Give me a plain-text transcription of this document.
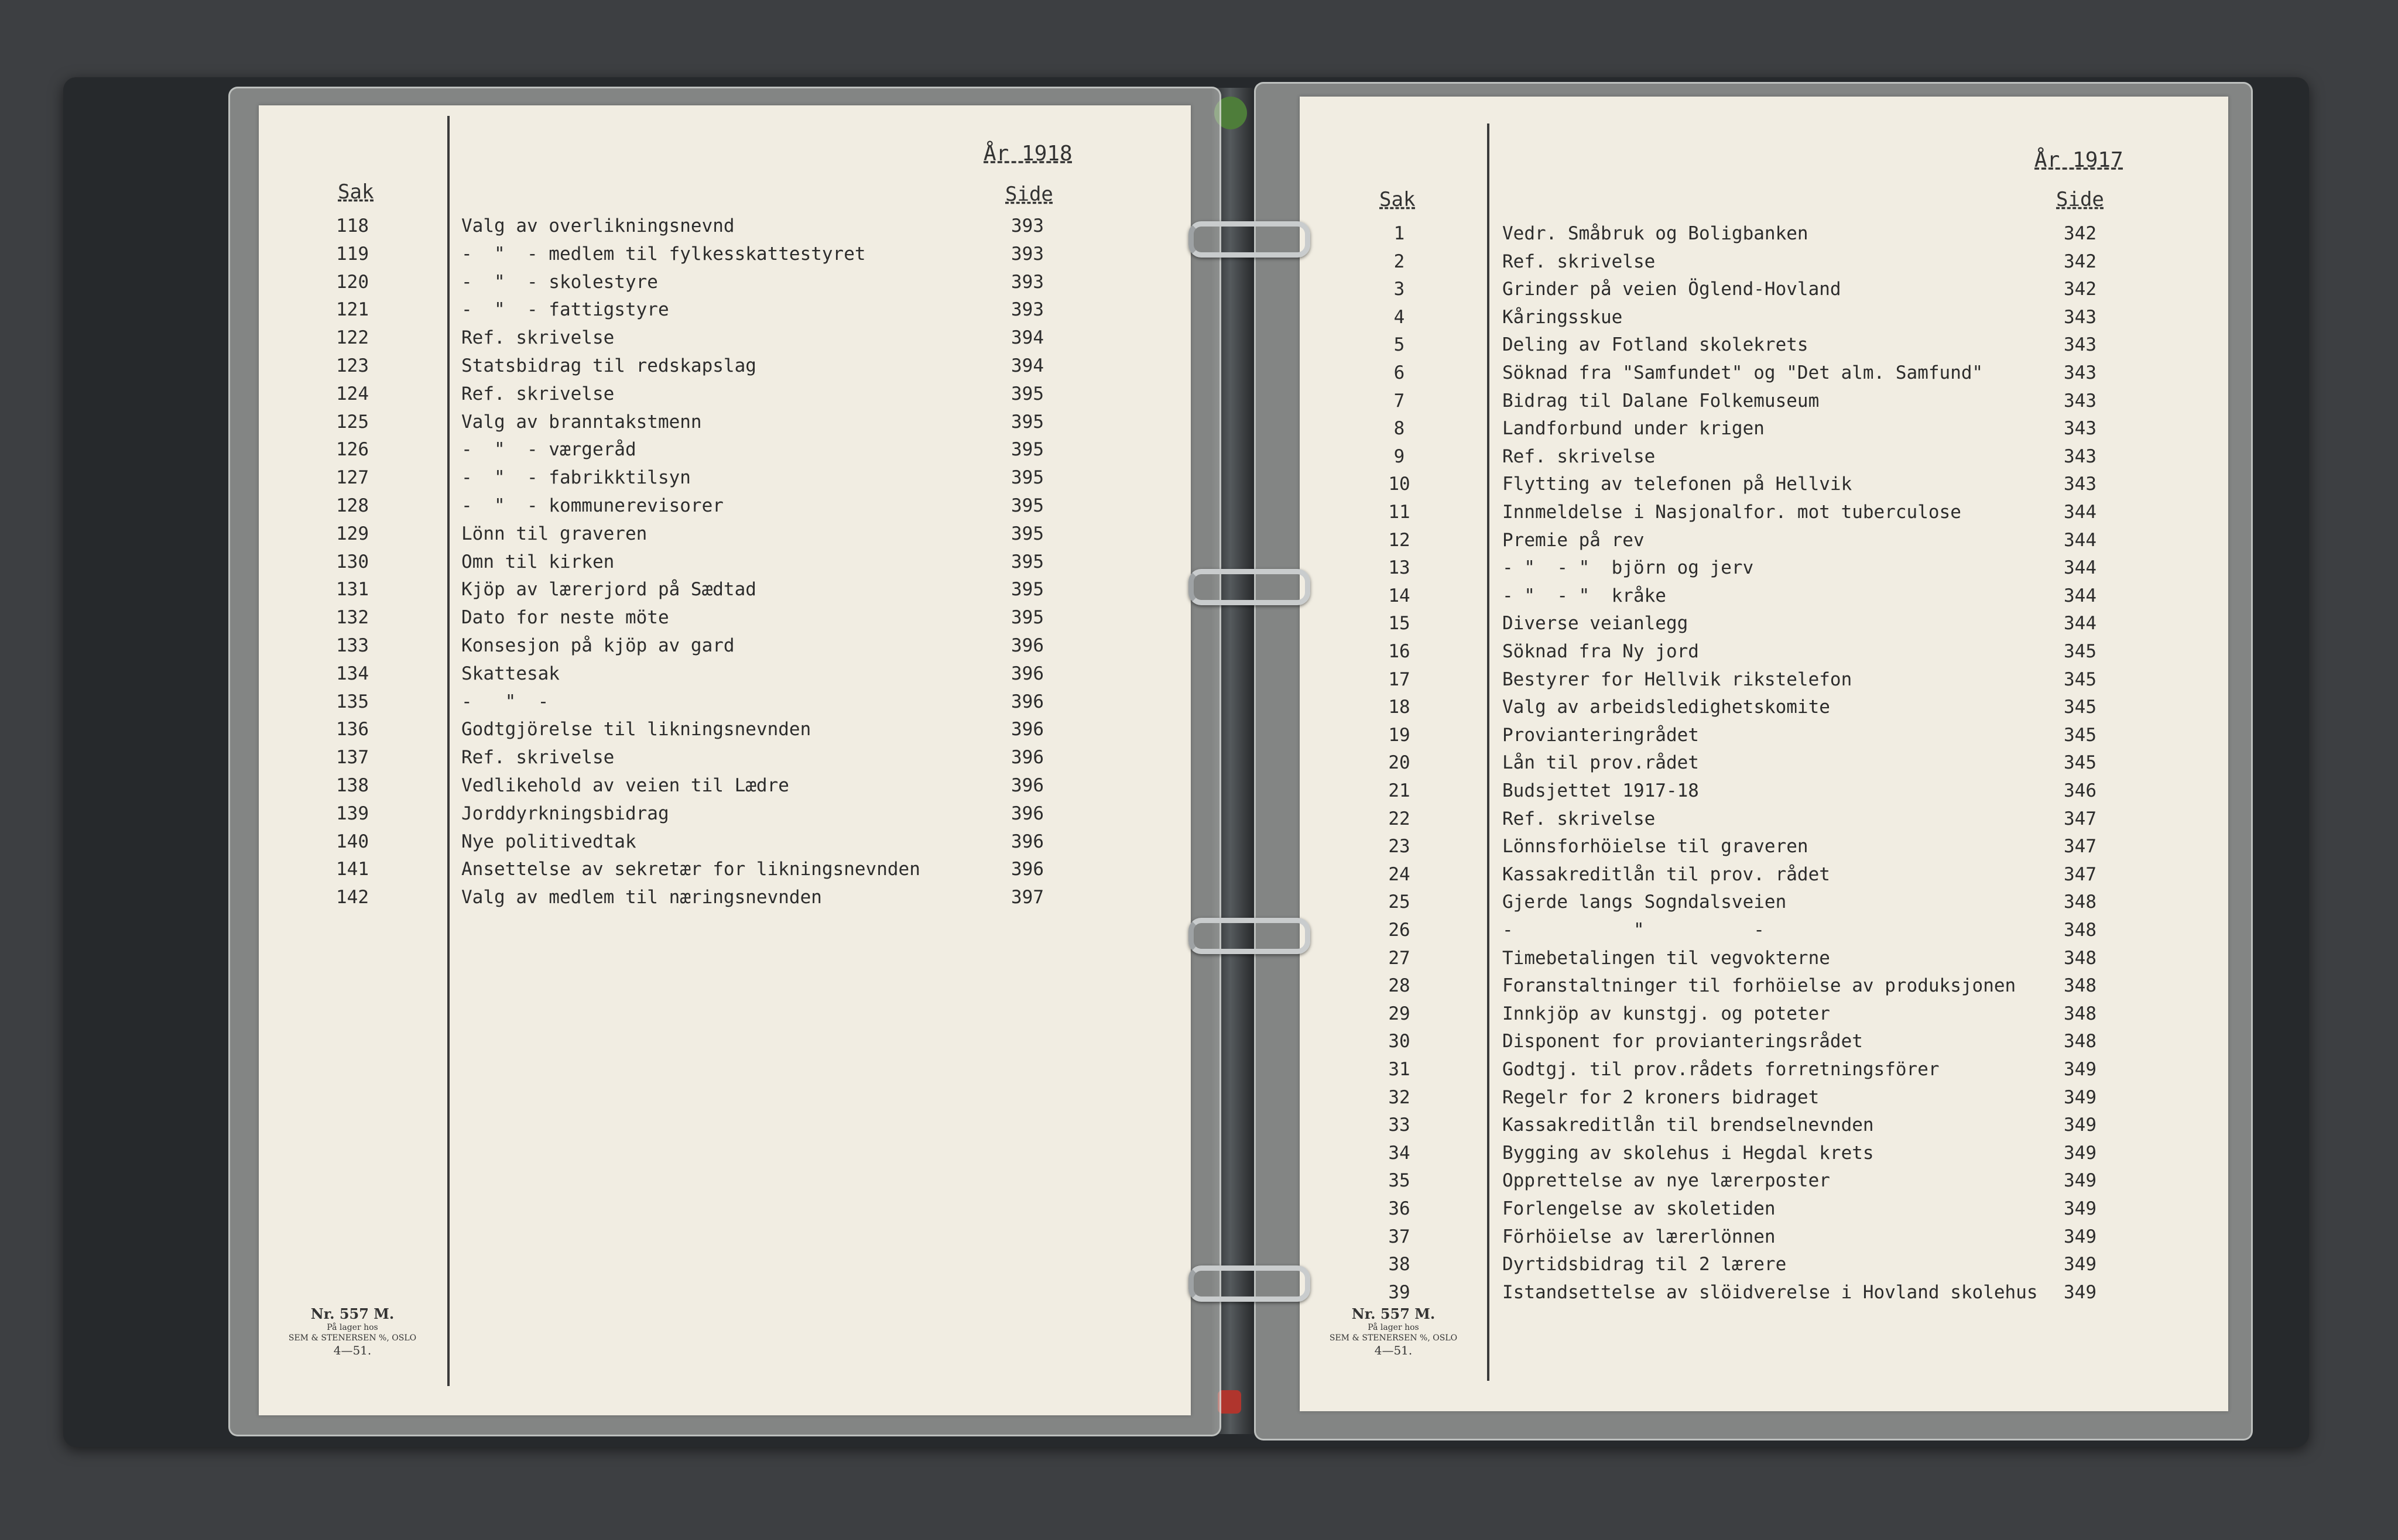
År 1918
Sak	Side
118	Valg av overlikningsnevnd	393
119	-  "  - medlem til fylkesskattestyret	393
120	-  "  - skolestyre	393
121	-  "  - fattigstyre	393
122	Ref. skrivelse	394
123	Statsbidrag til redskapslag	394
124	Ref. skrivelse	395
125	Valg av branntakstmenn	395
126	-  "  - værgeråd	395
127	-  "  - fabrikktilsyn	395
128	-  "  - kommunerevisorer	395
129	Lönn til graveren	395
130	Omn til kirken	395
131	Kjöp av lærerjord på Sædtad	395
132	Dato for neste möte	395
133	Konsesjon på kjöp av gard	396
134	Skattesak	396
135	-   "  -	396
136	Godtgjörelse til likningsnevnden	396
137	Ref. skrivelse	396
138	Vedlikehold av veien til Lædre	396
139	Jorddyrkningsbidrag	396
140	Nye politivedtak	396
141	Ansettelse av sekretær for likningsnevnden	396
142	Valg av medlem til næringsnevnden	397
Nr. 557 M.
På lager hos
SEM & STENERSEN %, OSLO
4—51.
År 1917
Sak	Side
1	Vedr. Småbruk og Boligbanken	342
2	Ref. skrivelse	342
3	Grinder på veien Öglend-Hovland	342
4	Kåringsskue	343
5	Deling av Fotland skolekrets	343
6	Söknad fra "Samfundet" og "Det alm. Samfund"	343
7	Bidrag til Dalane Folkemuseum	343
8	Landforbund under krigen	343
9	Ref. skrivelse	343
10	Flytting av telefonen på Hellvik	343
11	Innmeldelse i Nasjonalfor. mot tuberculose	344
12	Premie på rev	344
13	- "  - "  björn og jerv	344
14	- "  - "  kråke	344
15	Diverse veianlegg	344
16	Söknad fra Ny jord	345
17	Bestyrer for Hellvik rikstelefon	345
18	Valg av arbeidsledighetskomite	345
19	Provianteringrådet	345
20	Lån til prov.rådet	345
21	Budsjettet 1917-18	346
22	Ref. skrivelse	347
23	Lönnsforhöielse til graveren	347
24	Kassakreditlån til prov. rådet	347
25	Gjerde langs Sogndalsveien	348
26	-           "          -	348
27	Timebetalingen til vegvokterne	348
28	Foranstaltninger til forhöielse av produksjonen	348
29	Innkjöp av kunstgj. og poteter	348
30	Disponent for provianteringsrådet	348
31	Godtgj. til prov.rådets forretningsförer	349
32	Regelr for 2 kroners bidraget	349
33	Kassakreditlån til brendselnevnden	349
34	Bygging av skolehus i Hegdal krets	349
35	Opprettelse av nye lærerposter	349
36	Forlengelse av skoletiden	349
37	Förhöielse av lærerlönnen	349
38	Dyrtidsbidrag til 2 lærere	349
39	Istandsettelse av slöidverelse i Hovland skolehus 349
Nr. 557 M.
På lager hos
SEM & STENERSEN %, OSLO
4—51.
